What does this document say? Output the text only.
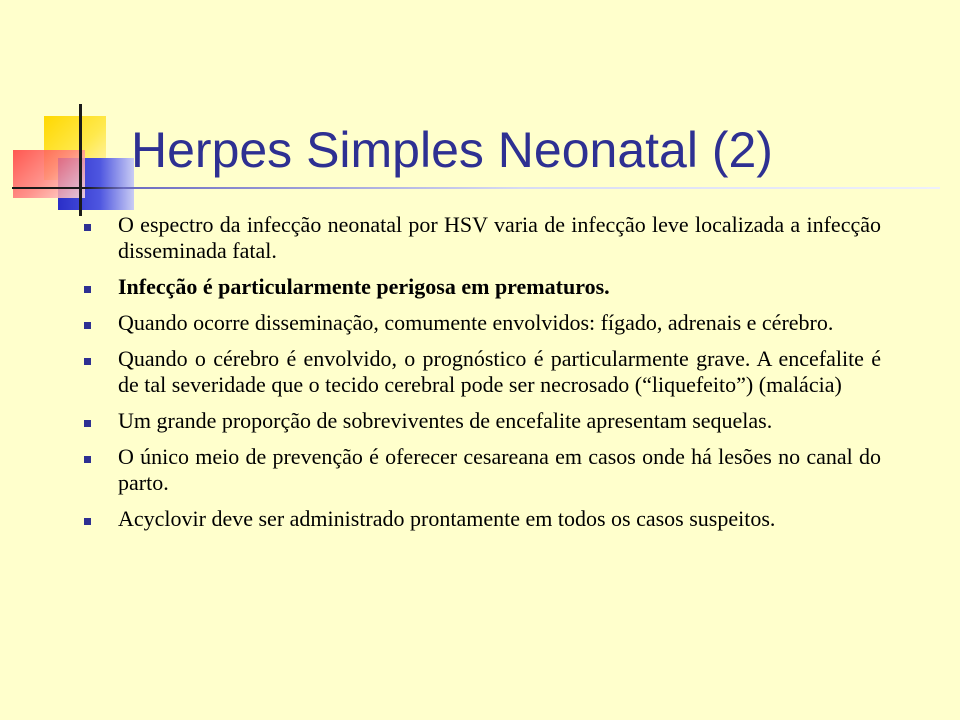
Herpes Simples Neonatal (2)
O espectro da infecção neonatal por HSV varia de infecção leve localizada a infecção disseminada fatal.
Infecção é particularmente perigosa em prematuros.
Quando ocorre disseminação, comumente envolvidos: fígado, adrenais e cérebro.
Quando o cérebro é envolvido, o prognóstico é particularmente grave. A encefalite é de tal severidade que o tecido cerebral pode ser necrosado (“liquefeito”) (malácia)
Um grande proporção de sobreviventes de encefalite apresentam sequelas.
O único meio de prevenção é oferecer cesareana em casos onde há lesões no canal do parto.
Acyclovir deve ser administrado prontamente em todos os casos suspeitos.
